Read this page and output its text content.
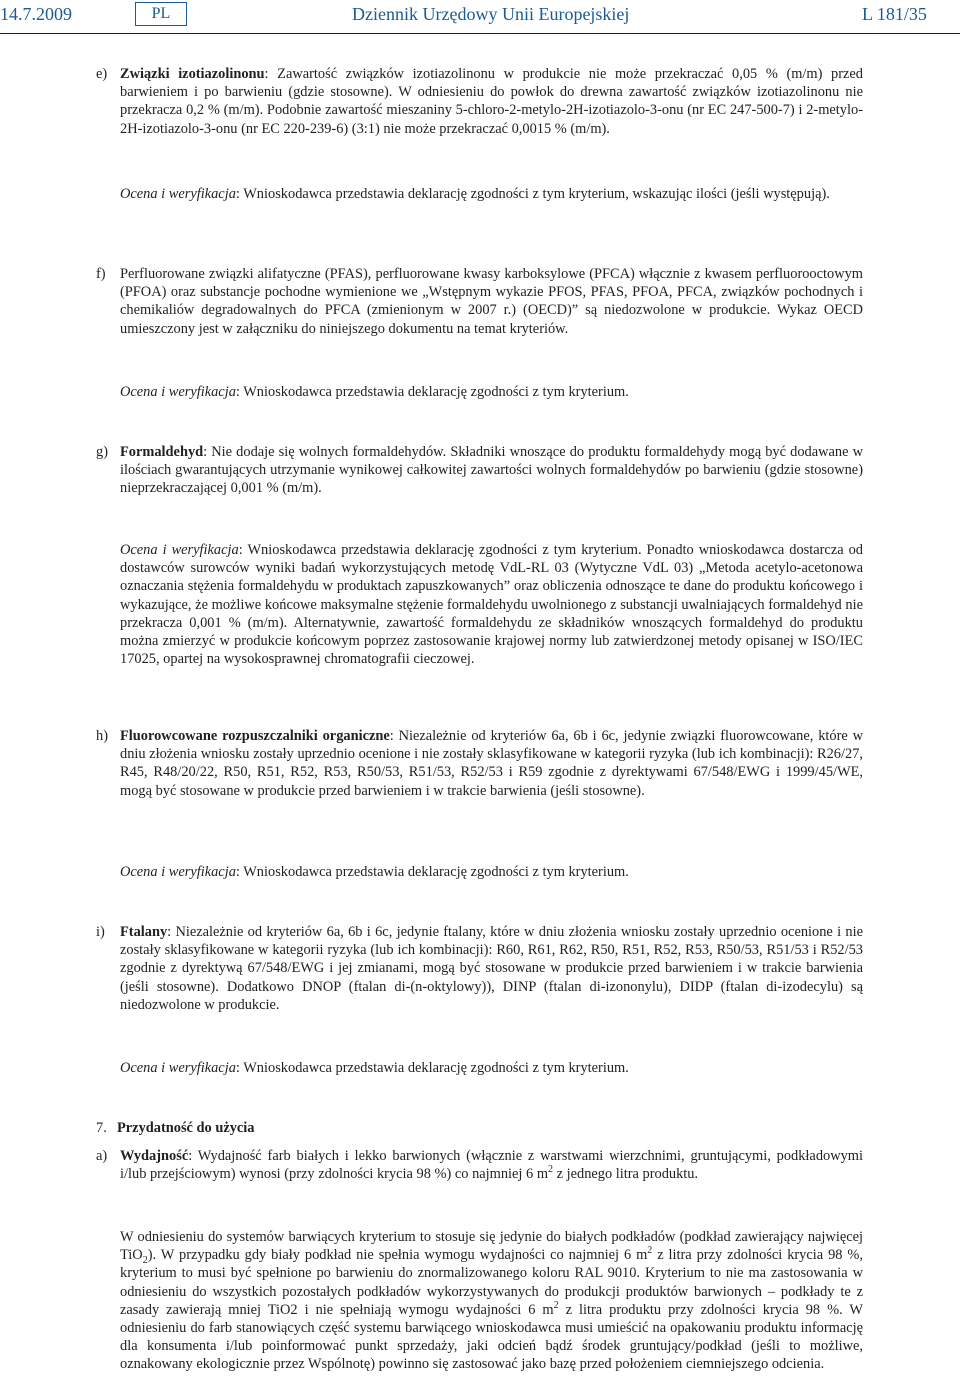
14.7.2009	PL	Dziennik Urzędowy Unii Europejskiej	L 181/35
e) Związki izotiazolinonu: Zawartość związków izotiazolinonu w produkcie nie może przekraczać 0,05 % (m/m) przed barwieniem i po barwieniu (gdzie stosowne). W odniesieniu do powłok do drewna zawartość związków izotiazolinonu nie przekracza 0,2 % (m/m). Podobnie zawartość mieszaniny 5-chloro-2-metylo-2H-izotiazolo-3-onu (nr EC 247-500-7) i 2-metylo-2H-izotiazolo-3-onu (nr EC 220-239-6) (3:1) nie może przekraczać 0,0015 % (m/m).
Ocena i weryfikacja: Wnioskodawca przedstawia deklarację zgodności z tym kryterium, wskazując ilości (jeśli występują).
f) Perfluorowane związki alifatyczne (PFAS), perfluorowane kwasy karboksylowe (PFCA) włącznie z kwasem perfluorooctowym (PFOA) oraz substancje pochodne wymienione we „Wstępnym wykazie PFOS, PFAS, PFOA, PFCA, związków pochodnych i chemikaliów degradowalnych do PFCA (zmienionym w 2007 r.) (OECD)” są niedozwolone w produkcie. Wykaz OECD umieszczony jest w załączniku do niniejszego dokumentu na temat kryteriów.
Ocena i weryfikacja: Wnioskodawca przedstawia deklarację zgodności z tym kryterium.
g) Formaldehyd: Nie dodaje się wolnych formaldehydów. Składniki wnoszące do produktu formaldehydy mogą być dodawane w ilościach gwarantujących utrzymanie wynikowej całkowitej zawartości wolnych formaldehydów po barwieniu (gdzie stosowne) nieprzekraczającej 0,001 % (m/m).
Ocena i weryfikacja: Wnioskodawca przedstawia deklarację zgodności z tym kryterium. Ponadto wnioskodawca dostarcza od dostawców surowców wyniki badań wykorzystujących metodę VdL-RL 03 (Wytyczne VdL 03) „Metoda acetylo-acetonowa oznaczania stężenia formaldehydu w produktach zapuszkowanych” oraz obliczenia odnoszące te dane do produktu końcowego i wykazujące, że możliwe końcowe maksymalne stężenie formaldehydu uwolnionego z substancji uwalniających formaldehyd nie przekracza 0,001 % (m/m). Alternatywnie, zawartość formaldehydu ze składników wnoszących formaldehyd do produktu można zmierzyć w produkcie końcowym poprzez zastosowanie krajowej normy lub zatwierdzonej metody opisanej w ISO/IEC 17025, opartej na wysokosprawnej chromatografii cieczowej.
h) Fluorowcowane rozpuszczalniki organiczne: Niezależnie od kryteriów 6a, 6b i 6c, jedynie związki fluorowcowane, które w dniu złożenia wniosku zostały uprzednio ocenione i nie zostały sklasyfikowane w kategorii ryzyka (lub ich kombinacji): R26/27, R45, R48/20/22, R50, R51, R52, R53, R50/53, R51/53, R52/53 i R59 zgodnie z dyrektywami 67/548/EWG i 1999/45/WE, mogą być stosowane w produkcie przed barwieniem i w trakcie barwienia (jeśli stosowne).
Ocena i weryfikacja: Wnioskodawca przedstawia deklarację zgodności z tym kryterium.
i) Ftalany: Niezależnie od kryteriów 6a, 6b i 6c, jedynie ftalany, które w dniu złożenia wniosku zostały uprzednio ocenione i nie zostały sklasyfikowane w kategorii ryzyka (lub ich kombinacji): R60, R61, R62, R50, R51, R52, R53, R50/53, R51/53 i R52/53 zgodnie z dyrektywą 67/548/EWG i jej zmianami, mogą być stosowane w produkcie przed barwieniem i w trakcie barwienia (jeśli stosowne). Dodatkowo DNOP (ftalan di-(n-oktylowy)), DINP (ftalan di-izononylu), DIDP (ftalan di-izodecylu) są niedozwolone w produkcie.
Ocena i weryfikacja: Wnioskodawca przedstawia deklarację zgodności z tym kryterium.
7. Przydatność do użycia
a) Wydajność: Wydajność farb białych i lekko barwionych (włącznie z warstwami wierzchnimi, gruntującymi, podkładowymi i/lub przejściowym) wynosi (przy zdolności krycia 98 %) co najmniej 6 $m^2$ z jednego litra produktu.
W odniesieniu do systemów barwiących kryterium to stosuje się jedynie do białych podkładów (podkład zawierający najwięcej TiO$_2$). W przypadku gdy biały podkład nie spełnia wymogu wydajności co najmniej 6 $m^2$ z litra przy zdolności krycia 98 %, kryterium to musi być spełnione po barwieniu do znormalizowanego koloru RAL 9010. Kryterium to nie ma zastosowania w odniesieniu do wszystkich pozostałych podkładów wykorzystywanych do produkcji produktów barwionych – podkłady te z zasady zawierają mniej TiO2 i nie spełniają wymogu wydajności 6 $m^2$ z litra produktu przy zdolności krycia 98 %. W odniesieniu do farb stanowiących część systemu barwiącego wnioskodawca musi umieścić na opakowaniu produktu informację dla konsumenta i/lub poinformować punkt sprzedaży, jaki odcień bądź środek gruntujący/podkład (jeśli to możliwe, oznakowany ekologicznie przez Wspólnotę) powinno się zastosować jako bazę przed położeniem ciemniejszego odcienia.
